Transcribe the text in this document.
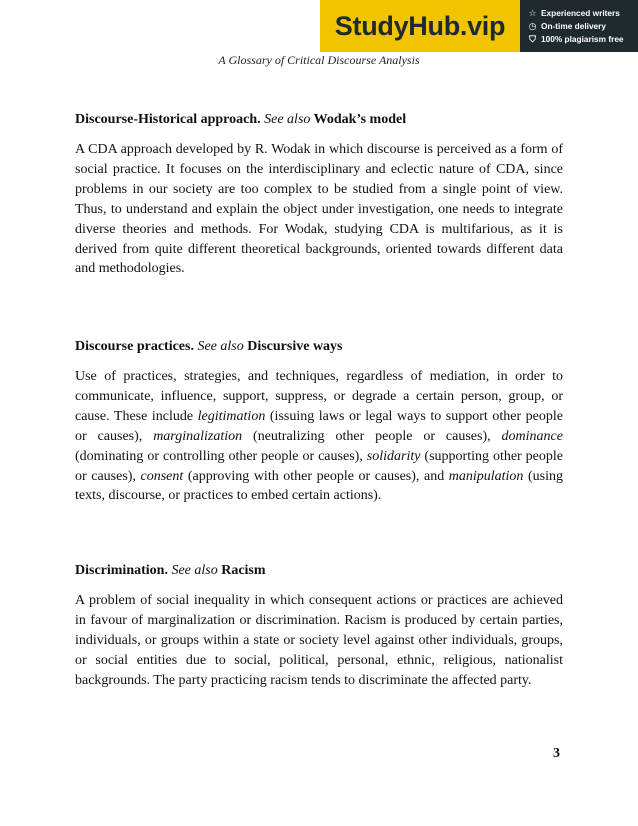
StudyHub.vip	☆ Experienced writers
◷ On-time delivery
⛉ 100% plagiarism free
A Glossary of Critical Discourse Analysis

Discourse-Historical approach. See also Wodak’s model

A CDA approach developed by R. Wodak in which discourse is perceived as a form of social practice. It focuses on the interdisciplinary and eclectic nature of CDA, since problems in our society are too complex to be studied from a single point of view. Thus, to understand and explain the object under investigation, one needs to integrate diverse theories and methods. For Wodak, studying CDA is multifarious, as it is derived from quite different theoretical backgrounds, oriented towards different data and methodologies.

Discourse practices. See also Discursive ways

Use of practices, strategies, and techniques, regardless of mediation, in order to communicate, influence, support, suppress, or degrade a certain person, group, or cause. These include legitimation (issuing laws or legal ways to support other people or causes), marginalization (neutralizing other people or causes), dominance (dominating or controlling other people or causes), solidarity (supporting other people or causes), consent (approving with other people or causes), and manipulation (using texts, discourse, or practices to embed certain actions).

Discrimination. See also Racism

A problem of social inequality in which consequent actions or practices are achieved in favour of marginalization or discrimination. Racism is produced by certain parties, individuals, or groups within a state or society level against other individuals, groups, or social entities due to social, political, personal, ethnic, religious, nationalist backgrounds. The party practicing racism tends to discriminate the affected party.

3
